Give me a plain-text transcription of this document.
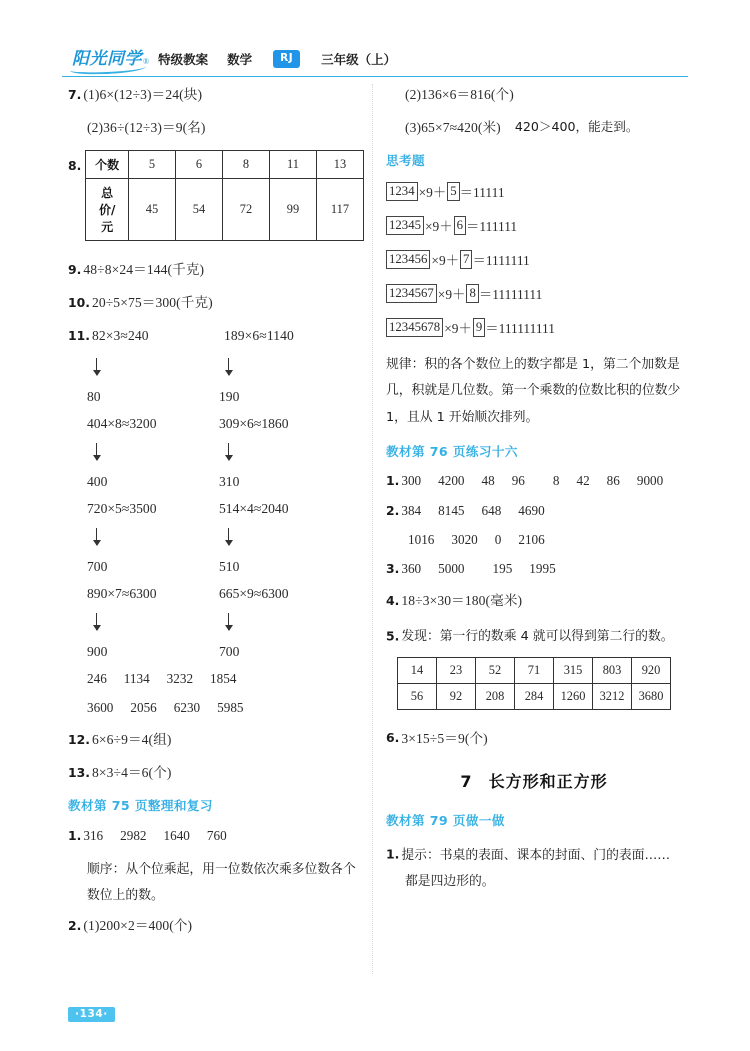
阳光同学 ® 特级教案 数学	RJ	三年级（上）
7. (1)6×(12÷3)＝24(块)
(2)36÷(12÷3)＝9(名)
8. 个数	5	6	8	11	13
总价/元	45	54	72	99	117
9. 48÷8×24＝144(千克)
10. 20÷5×75＝300(千克)
11. 82×3≈240	189×6≈1140
80	190
404×8≈3200	309×6≈1860
400	310
720×5≈3500	514×4≈2040
700	510
890×7≈6300	665×9≈6300
900	700
246 1134 3232 1854
3600 2056 6230 5985
12. 6×6÷9＝4(组)
13. 8×3÷4＝6(个)
教材第 75 页整理和复习
1. 316 2982 1640 760
顺序：从个位乘起，用一位数依次乘多位数各个数位上的数。
2. (1)200×2＝400(个)
(2)136×6＝816(个)
(3)65×7≈420(米) 420＞400，能走到。
思考题
1234 ×9＋ 5 ＝11111
12345 ×9＋ 6 ＝111111
123456 ×9＋ 7 ＝1111111
1234567 ×9＋ 8 ＝11111111
12345678 ×9＋ 9 ＝111111111
规律：积的各个数位上的数字都是 1，第二个加数是几，积就是几位数。第一个乘数的位数比积的位数少 1，且从 1 开始顺次排列。
教材第 76 页练习十六
1. 300 4200 48 96 8 42 86 9000
2. 384 8145 648 4690
1016 3020 0 2106
3. 360 5000 195 1995
4. 18÷3×30＝180(毫米)
5. 发现：第一行的数乘 4 就可以得到第二行的数。
14	23	52	71	315	803	920
56	92	208	284	1260	3212	3680
6. 3×15÷5＝9(个)
7 长方形和正方形
教材第 79 页做一做
1. 提示：书桌的表面、课本的封面、门的表面……都是四边形的。
·134·
